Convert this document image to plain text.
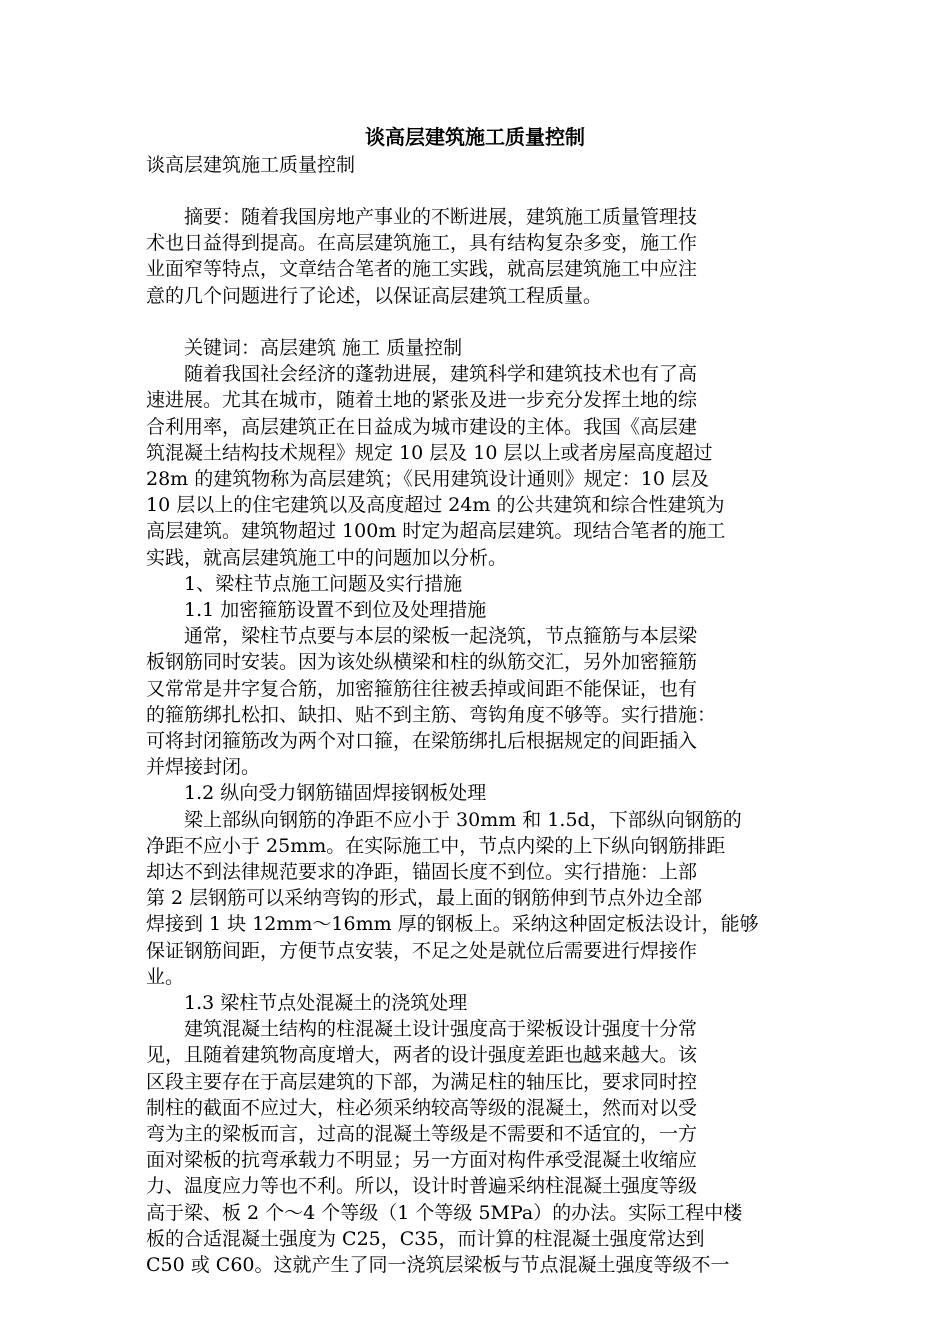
谈高层建筑施工质量控制
谈高层建筑施工质量控制
　　摘要：随着我国房地产事业的不断进展，建筑施工质量管理技
术也日益得到提高。在高层建筑施工，具有结构复杂多变，施工作
业面窄等特点，文章结合笔者的施工实践，就高层建筑施工中应注
意的几个问题进行了论述，以保证高层建筑工程质量。
　　关键词：高层建筑 施工 质量控制
　　随着我国社会经济的蓬勃进展，建筑科学和建筑技术也有了高
速进展。尤其在城市，随着土地的紧张及进一步充分发挥土地的综
合利用率，高层建筑正在日益成为城市建设的主体。我国《高层建
筑混凝土结构技术规程》规定 10 层及 10 层以上或者房屋高度超过
28m 的建筑物称为高层建筑；《民用建筑设计通则》规定：10 层及
10 层以上的住宅建筑以及高度超过 24m 的公共建筑和综合性建筑为
高层建筑。建筑物超过 100m 时定为超高层建筑。现结合笔者的施工
实践，就高层建筑施工中的问题加以分析。
　　1、梁柱节点施工问题及实行措施
　　1.1 加密箍筋设置不到位及处理措施
　　通常，梁柱节点要与本层的梁板一起浇筑，节点箍筋与本层梁
板钢筋同时安装。因为该处纵横梁和柱的纵筋交汇，另外加密箍筋
又常常是井字复合筋，加密箍筋往往被丢掉或间距不能保证，也有
的箍筋绑扎松扣、缺扣、贴不到主筋、弯钩角度不够等。实行措施：
可将封闭箍筋改为两个对口箍，在梁筋绑扎后根据规定的间距插入
并焊接封闭。
　　1.2 纵向受力钢筋锚固焊接钢板处理
　　梁上部纵向钢筋的净距不应小于 30mm 和 1.5d，下部纵向钢筋的
净距不应小于 25mm。在实际施工中，节点内梁的上下纵向钢筋排距
却达不到法律规范要求的净距，锚固长度不到位。实行措施：上部
第 2 层钢筋可以采纳弯钩的形式，最上面的钢筋伸到节点外边全部
焊接到 1 块 12mm～16mm 厚的钢板上。采纳这种固定板法设计，能够
保证钢筋间距，方便节点安装，不足之处是就位后需要进行焊接作
业。
　　1.3 梁柱节点处混凝土的浇筑处理
　　建筑混凝土结构的柱混凝土设计强度高于梁板设计强度十分常
见，且随着建筑物高度增大，两者的设计强度差距也越来越大。该
区段主要存在于高层建筑的下部，为满足柱的轴压比，要求同时控
制柱的截面不应过大，柱必须采纳较高等级的混凝土，然而对以受
弯为主的梁板而言，过高的混凝土等级是不需要和不适宜的，一方
面对梁板的抗弯承载力不明显；另一方面对构件承受混凝土收缩应
力、温度应力等也不利。所以，设计时普遍采纳柱混凝土强度等级
高于梁、板 2 个～4 个等级（1 个等级 5MPa）的办法。实际工程中楼
板的合适混凝土强度为 C25，C35，而计算的柱混凝土强度常达到
C50 或 C60。这就产生了同一浇筑层梁板与节点混凝土强度等级不一
